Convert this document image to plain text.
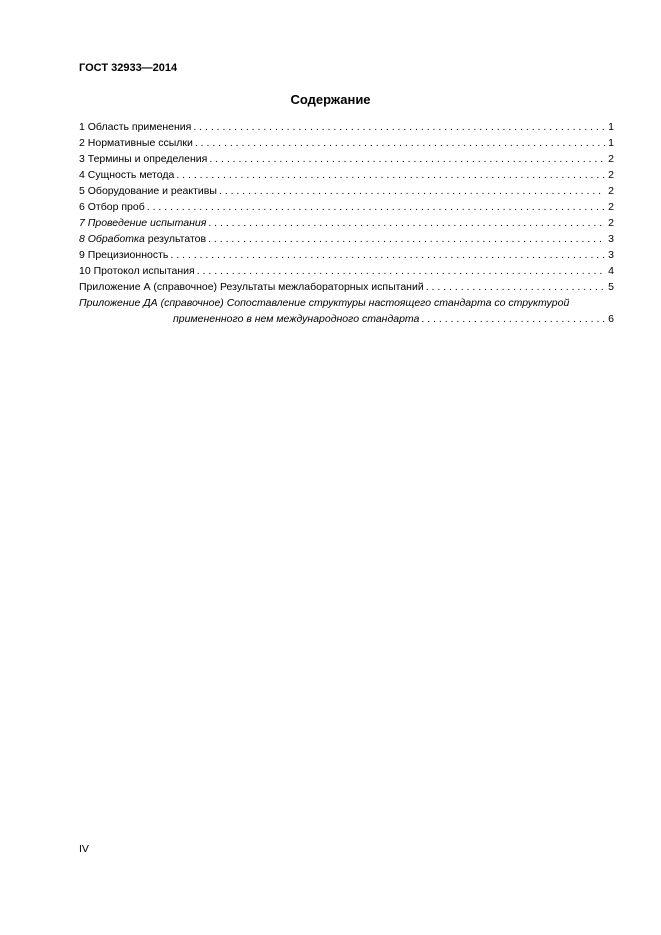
ГОСТ 32933—2014
Содержание
1 Область применения . . .	1
2 Нормативные ссылки . . .	1
3 Термины и определения . . .	2
4 Сущность метода . . .	2
5 Оборудование и реактивы . . .	2
6 Отбор проб . . .	2
7 Проведение испытания . . .	2
8 Обработка результатов . . .	3
9 Прецизионность . . .	3
10 Протокол испытания . . .	4
Приложение А (справочное) Результаты межлабораторных испытаний . . .	5
Приложение ДА (справочное) Сопоставление структуры настоящего стандарта со структурой
примененного в нем международного стандарта . . .	6
IV
